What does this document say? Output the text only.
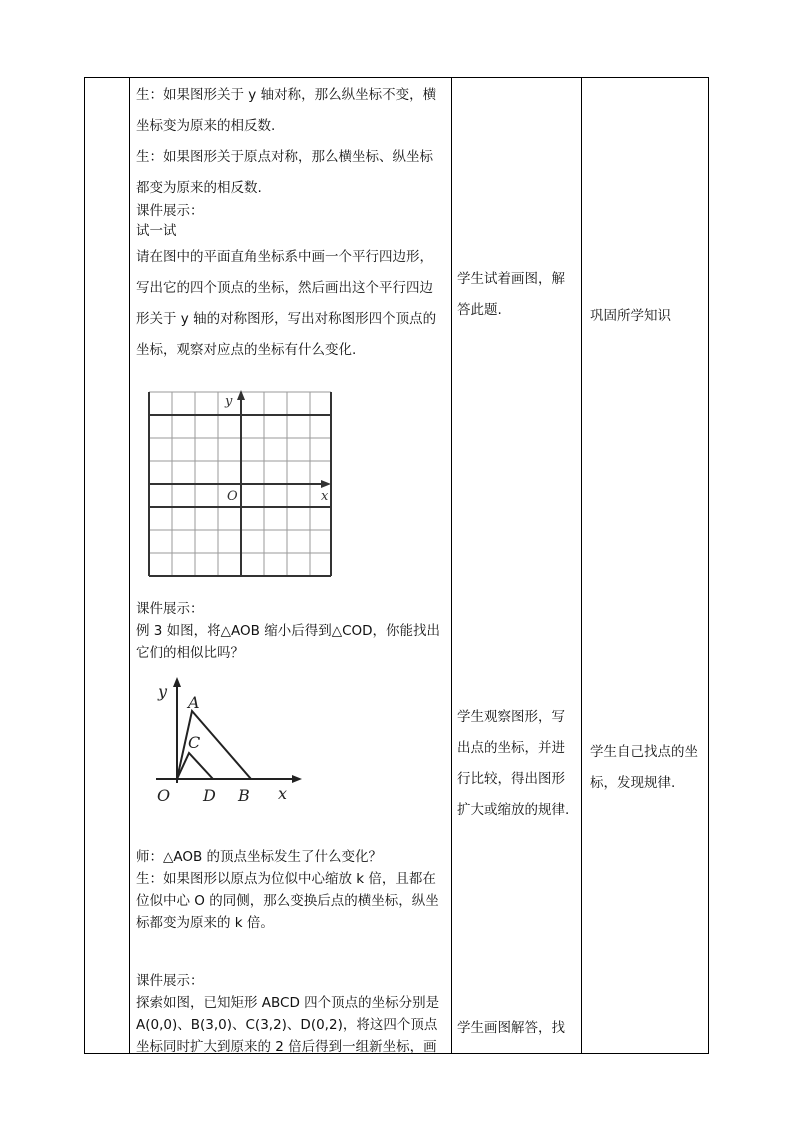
生：如果图形关于 y 轴对称，那么纵坐标不变，横

坐标变为原来的相反数.

生：如果图形关于原点对称，那么横坐标、纵坐标

都变为原来的相反数.

课件展示：

试一试

请在图中的平面直角坐标系中画一个平行四边形，

写出它的四个顶点的坐标，然后画出这个平行四边

形关于 y 轴的对称图形，写出对称图形四个顶点的

坐标，观察对应点的坐标有什么变化.

y
x
O

课件展示：

例 3 如图，将△AOB 缩小后得到△COD，你能找出

它们的相似比吗？

y
x
O
A
C
D B

师：△AOB 的顶点坐标发生了什么变化？

生：如果图形以原点为位似中心缩放 k 倍，且都在

位似中心 O 的同侧，那么变换后点的横坐标，纵坐

标都变为原来的 k 倍。

课件展示：

探索如图，已知矩形 ABCD 四个顶点的坐标分别是

A(0,0)、B(3,0)、C(3,2)、D(0,2)，将这四个顶点

坐标同时扩大到原来的 2 倍后得到一组新坐标，画

学生试着画图，解

答此题.

学生观察图形，写

出点的坐标，并进

行比较，得出图形

扩大或缩放的规律.

学生画图解答，找

巩固所学知识

学生自己找点的坐

标，发现规律.
